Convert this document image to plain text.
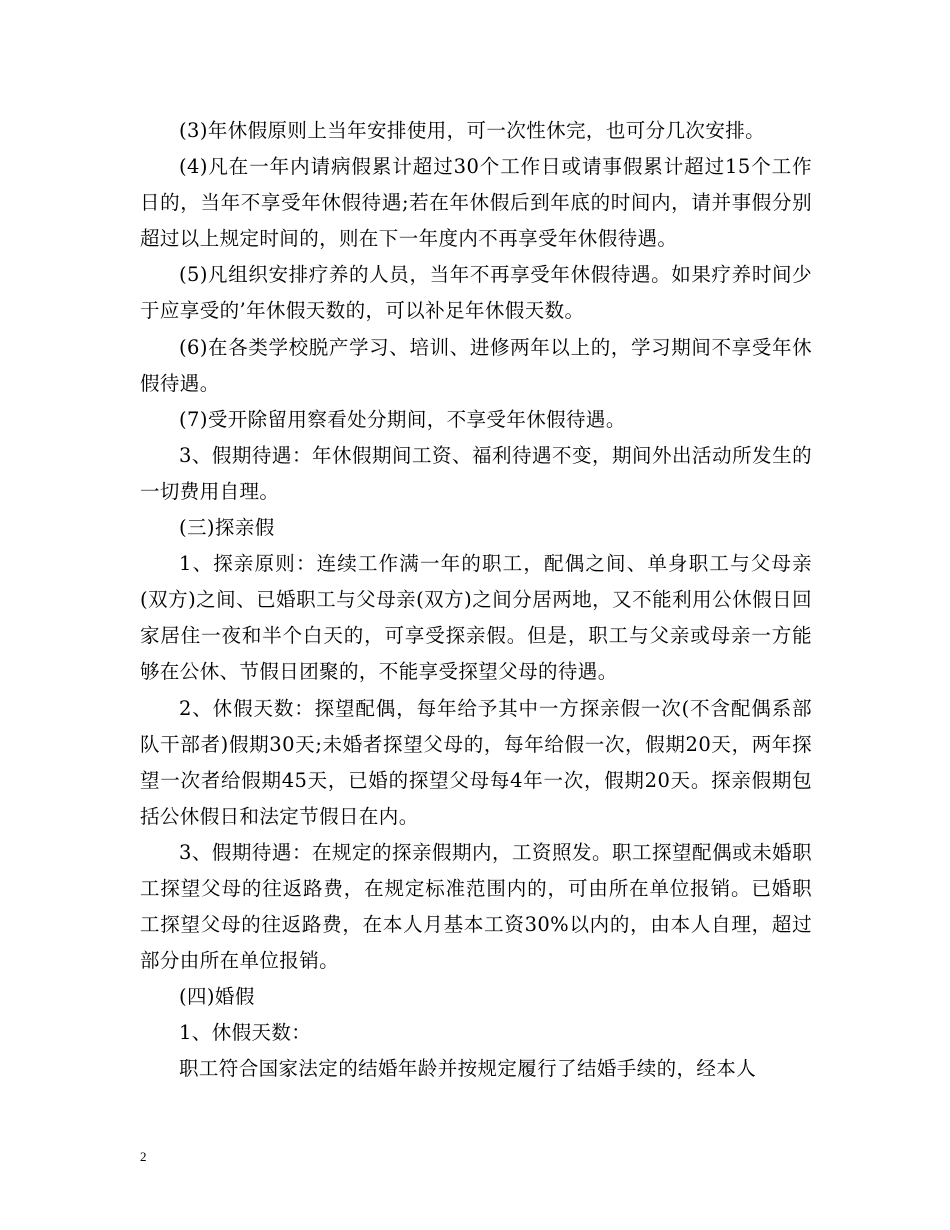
(3)年休假原则上当年安排使用，可一次性休完，也可分几次安排。

(4)凡在一年内请病假累计超过30个工作日或请事假累计超过15个工作日的，当年不享受年休假待遇;若在年休假后到年底的时间内，请并事假分别超过以上规定时间的，则在下一年度内不再享受年休假待遇。

(5)凡组织安排疗养的人员，当年不再享受年休假待遇。如果疗养时间少于应享受的’年休假天数的，可以补足年休假天数。

(6)在各类学校脱产学习、培训、进修两年以上的，学习期间不享受年休假待遇。

(7)受开除留用察看处分期间，不享受年休假待遇。

3、假期待遇：年休假期间工资、福利待遇不变，期间外出活动所发生的一切费用自理。

(三)探亲假

1、探亲原则：连续工作满一年的职工，配偶之间、单身职工与父母亲(双方)之间、已婚职工与父母亲(双方)之间分居两地，又不能利用公休假日回家居住一夜和半个白天的，可享受探亲假。但是，职工与父亲或母亲一方能够在公休、节假日团聚的，不能享受探望父母的待遇。

2、休假天数：探望配偶，每年给予其中一方探亲假一次(不含配偶系部队干部者)假期30天;未婚者探望父母的，每年给假一次，假期20天，两年探望一次者给假期45天，已婚的探望父母每4年一次，假期20天。探亲假期包括公休假日和法定节假日在内。

3、假期待遇：在规定的探亲假期内，工资照发。职工探望配偶或未婚职工探望父母的往返路费，在规定标准范围内的，可由所在单位报销。已婚职工探望父母的往返路费，在本人月基本工资30%以内的，由本人自理，超过部分由所在单位报销。

(四)婚假

1、休假天数：

职工符合国家法定的结婚年龄并按规定履行了结婚手续的，经本人

2
